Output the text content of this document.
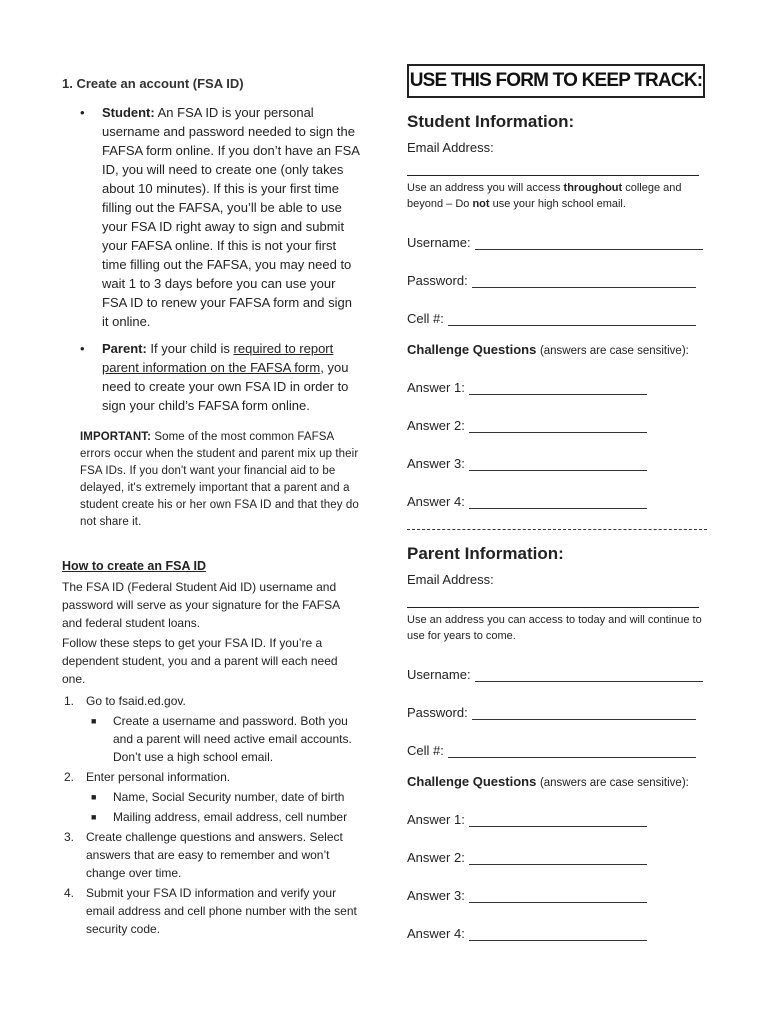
1. Create an account (FSA ID)
• Student: An FSA ID is your personal username and password needed to sign the FAFSA form online. If you don’t have an FSA ID, you will need to create one (only takes about 10 minutes). If this is your first time filling out the FAFSA, you’ll be able to use your FSA ID right away to sign and submit your FAFSA online. If this is not your first time filling out the FAFSA, you may need to wait 1 to 3 days before you can use your FSA ID to renew your FAFSA form and sign it online.
• Parent: If your child is required to report parent information on the FAFSA form, you need to create your own FSA ID in order to sign your child’s FAFSA form online.
IMPORTANT: Some of the most common FAFSA errors occur when the student and parent mix up their FSA IDs. If you don't want your financial aid to be delayed, it's extremely important that a parent and a student create his or her own FSA ID and that they do not share it.
How to create an FSA ID

The FSA ID (Federal Student Aid ID) username and password will serve as your signature for the FAFSA and federal student loans.

Follow these steps to get your FSA ID. If you’re a dependent student, you and a parent will each need one.

1. Go to fsaid.ed.gov.
■ Create a username and password. Both you and a parent will need active email accounts. Don’t use a high school email.
2. Enter personal information.
■ Name, Social Security number, date of birth
■ Mailing address, email address, cell number
3. Create challenge questions and answers. Select answers that are easy to remember and won’t change over time.
4. Submit your FSA ID information and verify your email address and cell phone number with the sent security code.
USE THIS FORM TO KEEP TRACK:
Student Information:
Email Address:
Use an address you will access throughout college and beyond – Do not use your high school email.
Username:
Password:
Cell #:
Challenge Questions (answers are case sensitive):
Answer 1:
Answer 2:
Answer 3:
Answer 4:
Parent Information:
Email Address:
Use an address you can access to today and will continue to use for years to come.
Username:
Password:
Cell #:
Challenge Questions (answers are case sensitive):
Answer 1:
Answer 2:
Answer 3:
Answer 4:
